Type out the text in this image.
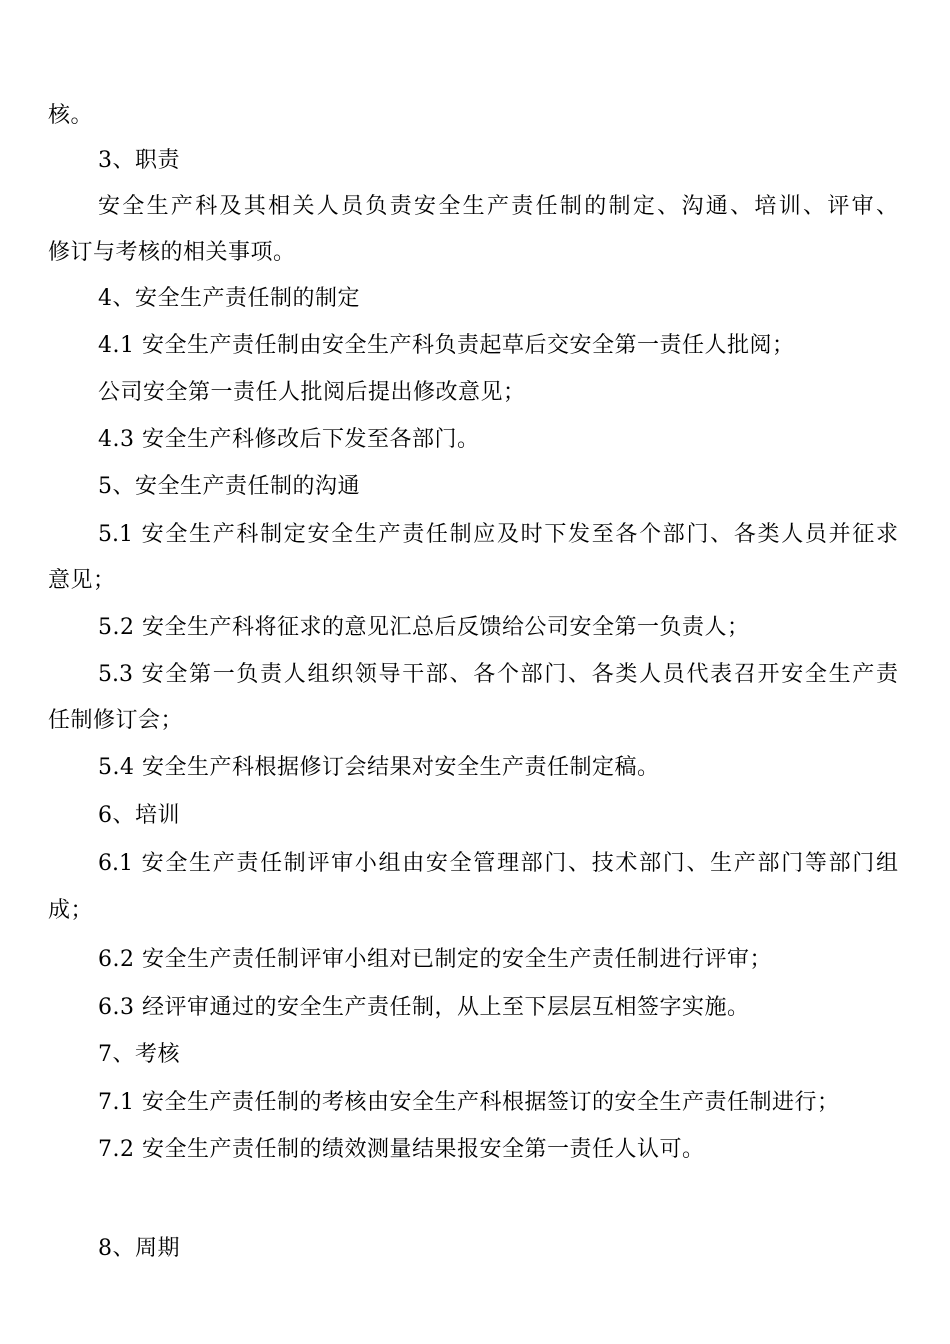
核。
3、职责
安全生产科及其相关人员负责安全生产责任制的制定、沟通、培训、评审、
修订与考核的相关事项。
4、安全生产责任制的制定
4.1 安全生产责任制由安全生产科负责起草后交安全第一责任人批阅；
公司安全第一责任人批阅后提出修改意见；
4.3 安全生产科修改后下发至各部门。
5、安全生产责任制的沟通
5.1 安全生产科制定安全生产责任制应及时下发至各个部门、各类人员并征求
意见；
5.2 安全生产科将征求的意见汇总后反馈给公司安全第一负责人；
5.3 安全第一负责人组织领导干部、各个部门、各类人员代表召开安全生产责
任制修订会；
5.4 安全生产科根据修订会结果对安全生产责任制定稿。
6、培训
6.1 安全生产责任制评审小组由安全管理部门、技术部门、生产部门等部门组
成；
6.2 安全生产责任制评审小组对已制定的安全生产责任制进行评审；
6.3 经评审通过的安全生产责任制，从上至下层层互相签字实施。
7、考核
7.1 安全生产责任制的考核由安全生产科根据签订的安全生产责任制进行；
7.2 安全生产责任制的绩效测量结果报安全第一责任人认可。
8、周期
